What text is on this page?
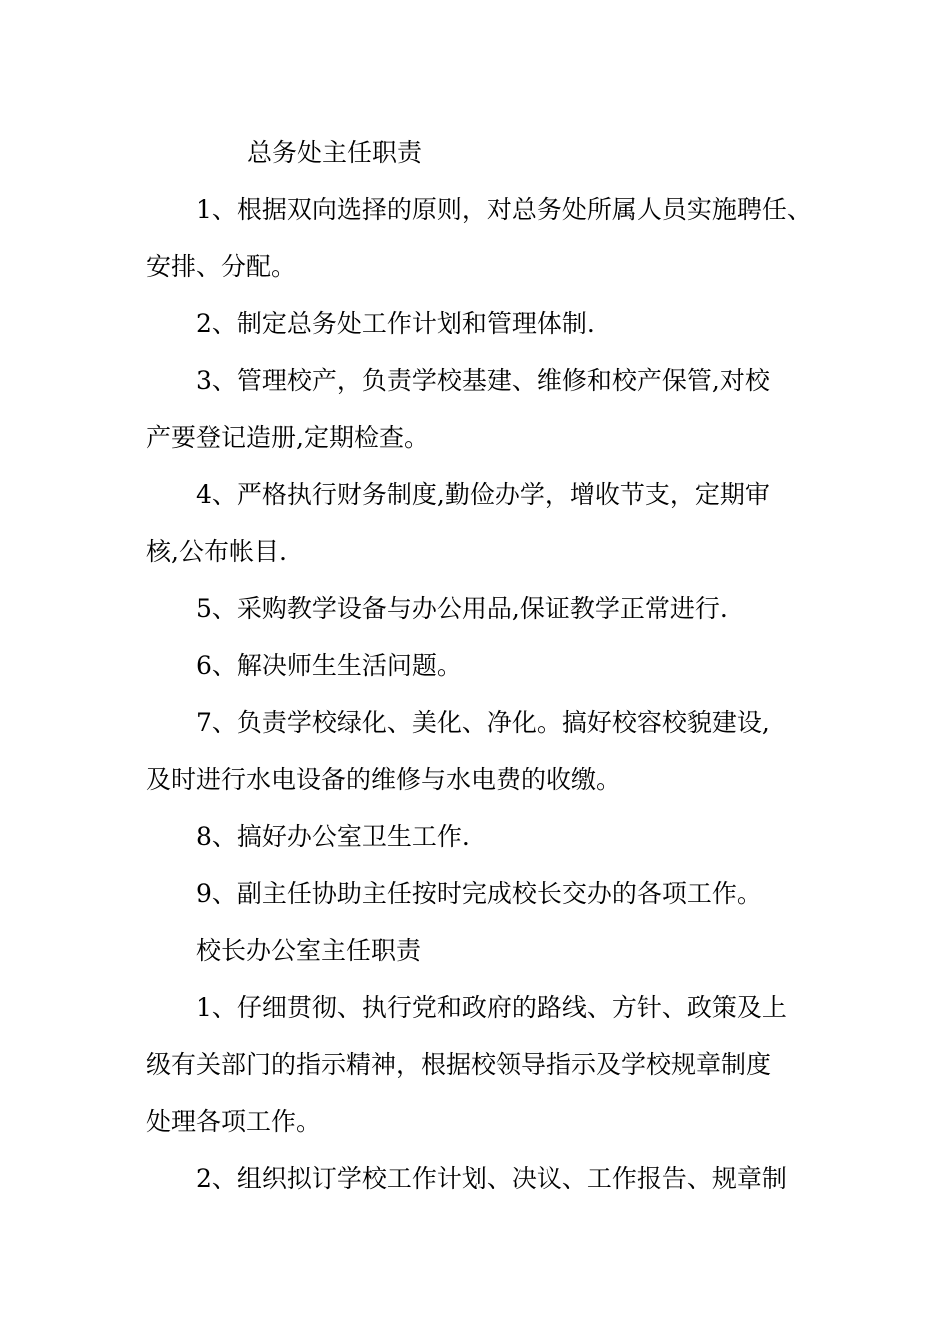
总务处主任职责
1、根据双向选择的原则，对总务处所属人员实施聘任、
安排、分配。
2、制定总务处工作计划和管理体制.
3、管理校产，负责学校基建、维修和校产保管,对校
产要登记造册,定期检查。
4、严格执行财务制度,勤俭办学，增收节支，定期审
核,公布帐目.
5、采购教学设备与办公用品,保证教学正常进行.
6、解决师生生活问题。
7、负责学校绿化、美化、净化。搞好校容校貌建设,
及时进行水电设备的维修与水电费的收缴。
8、搞好办公室卫生工作.
9、副主任协助主任按时完成校长交办的各项工作。
校长办公室主任职责
1、仔细贯彻、执行党和政府的路线、方针、政策及上
级有关部门的指示精神，根据校领导指示及学校规章制度
处理各项工作。
2、组织拟订学校工作计划、决议、工作报告、规章制
